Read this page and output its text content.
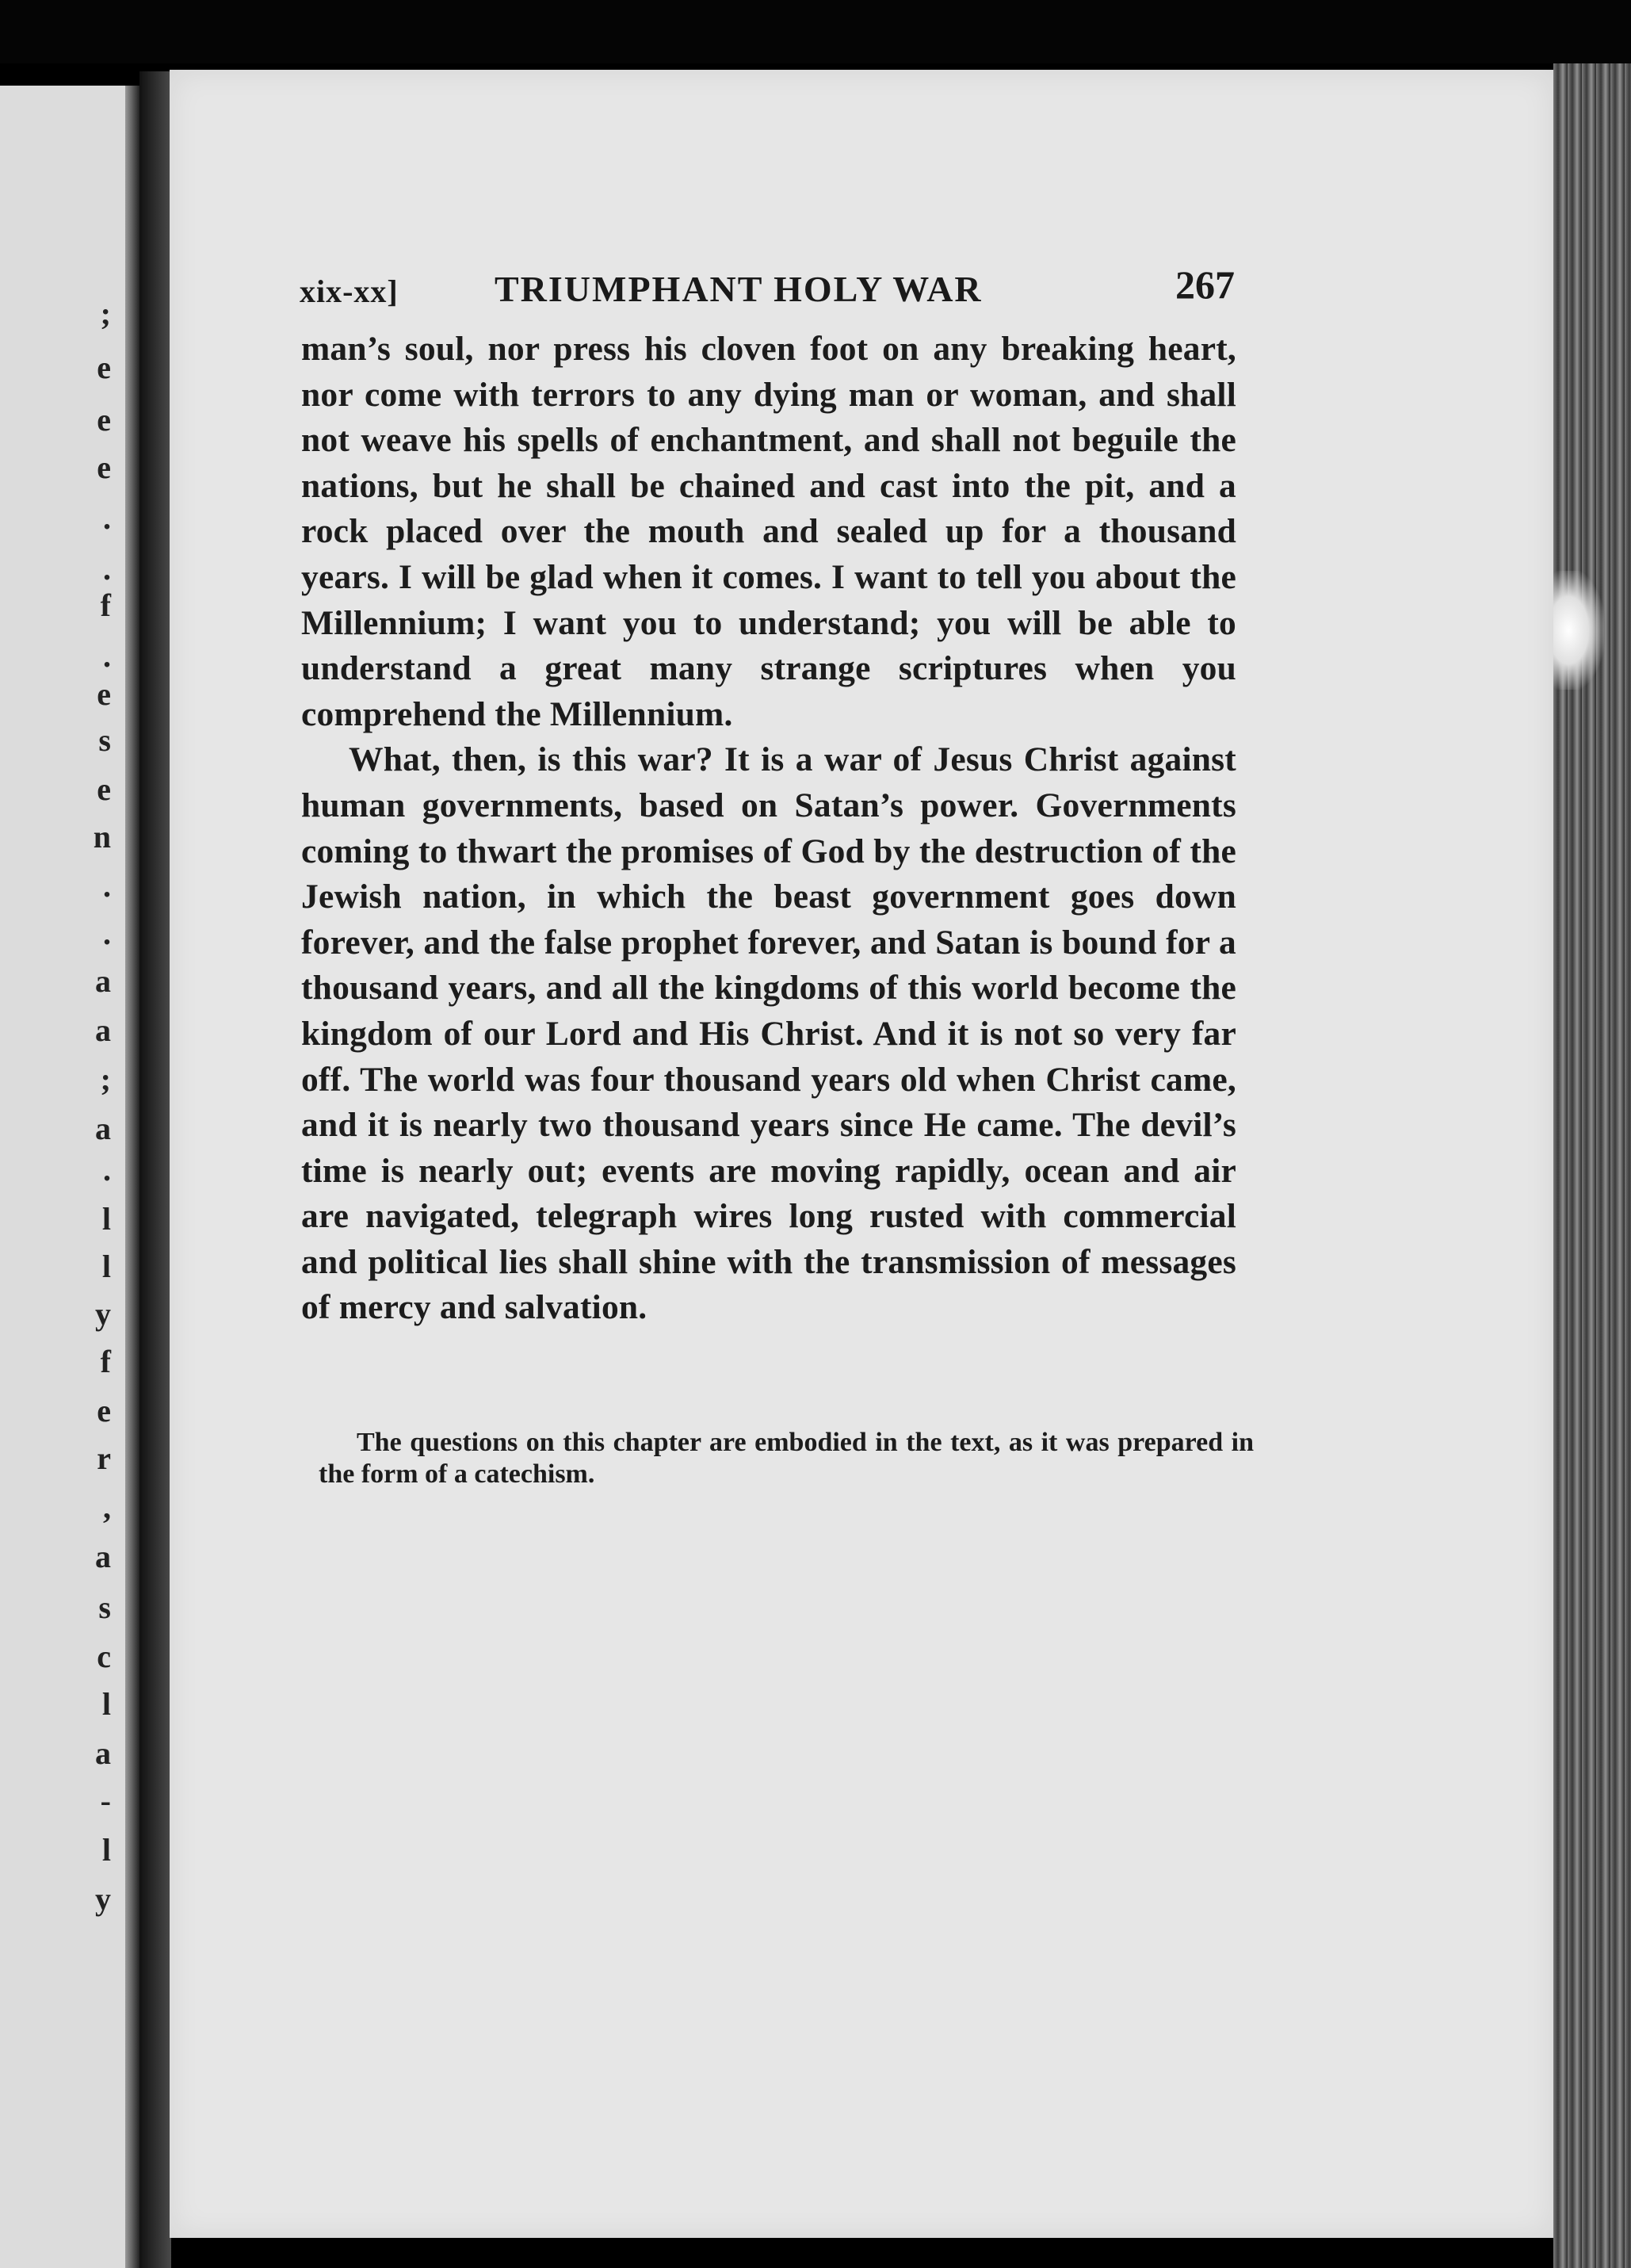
;
e
e
e
.
.
f
.
e
s
e
n
.
.
a
a
;
a
.
l
l
y
f
e
r
,
a
s
c
l
a
-
l
y
xix-xx]	TRIUMPHANT HOLY WAR	267

man’s soul, nor press his cloven foot on any breaking heart, nor come with terrors to any dying man or woman, and shall not weave his spells of enchantment, and shall not beguile the nations, but he shall be chained and cast into the pit, and a rock placed over the mouth and sealed up for a thousand years. I will be glad when it comes. I want to tell you about the Millennium; I want you to understand; you will be able to understand a great many strange scriptures when you comprehend the Millennium.

What, then, is this war? It is a war of Jesus Christ against human governments, based on Satan’s power. Governments coming to thwart the promises of God by the destruction of the Jewish nation, in which the beast government goes down forever, and the false prophet forever, and Satan is bound for a thousand years, and all the kingdoms of this world become the kingdom of our Lord and His Christ. And it is not so very far off. The world was four thousand years old when Christ came, and it is nearly two thousand years since He came. The devil’s time is nearly out; events are moving rapidly, ocean and air are navigated, telegraph wires long rusted with commercial and political lies shall shine with the transmission of messages of mercy and salvation.

The questions on this chapter are embodied in the text, as it was prepared in the form of a catechism.
